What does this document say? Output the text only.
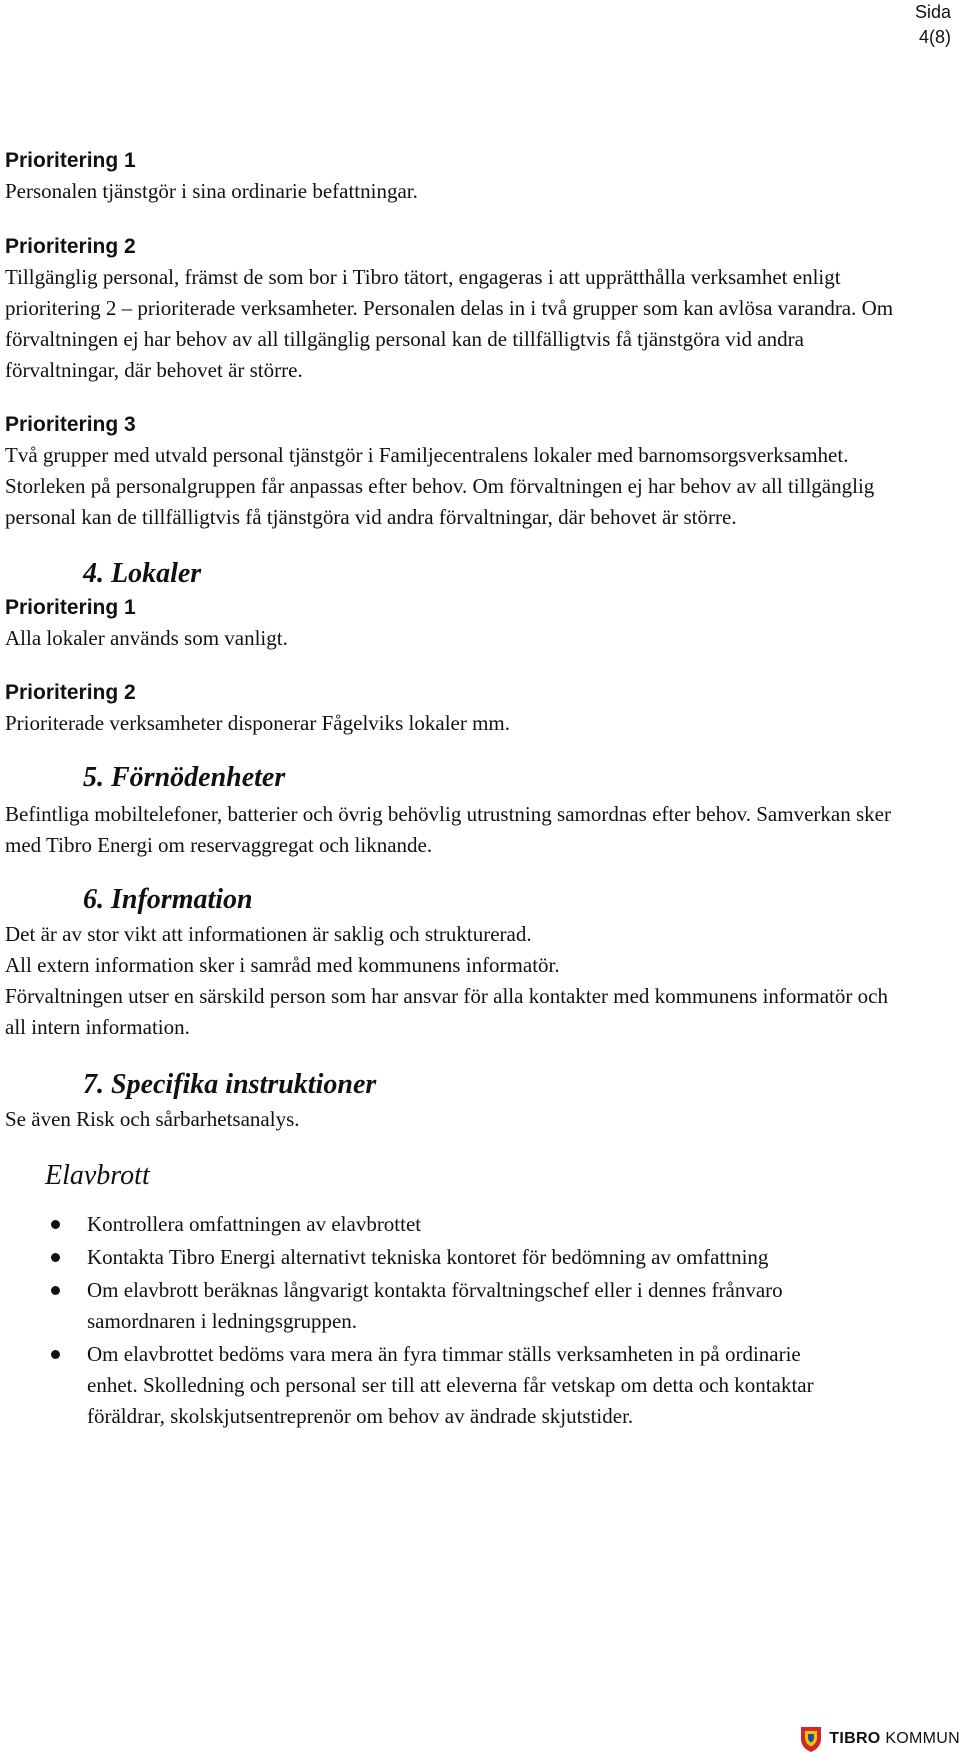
Sida
4(8)
Prioritering 1
Personalen tjänstgör i sina ordinarie befattningar.
Prioritering 2
Tillgänglig personal, främst de som bor i Tibro tätort, engageras i att upprätthålla verksamhet enligt prioritering 2 – prioriterade verksamheter. Personalen delas in i två grupper som kan avlösa varandra. Om förvaltningen ej har behov av all tillgänglig personal kan de tillfälligtvis få tjänstgöra vid andra förvaltningar, där behovet är större.
Prioritering 3
Två grupper med utvald personal tjänstgör i Familjecentralens lokaler med barnomsorgsverksamhet. Storleken på personalgruppen får anpassas efter behov. Om förvaltningen ej har behov av all tillgänglig personal kan de tillfälligtvis få tjänstgöra vid andra förvaltningar, där behovet är större.
4. Lokaler
Prioritering 1
Alla lokaler används som vanligt.
Prioritering 2
Prioriterade verksamheter disponerar Fågelviks lokaler mm.
5. Förnödenheter
Befintliga mobiltelefoner, batterier och övrig behövlig utrustning samordnas efter behov. Samverkan sker med Tibro Energi om reservaggregat och liknande.
6. Information
Det är av stor vikt att informationen är saklig och strukturerad.
All extern information sker i samråd med kommunens informatör.
Förvaltningen utser en särskild person som har ansvar för alla kontakter med kommunens informatör och all intern information.
7. Specifika instruktioner
Se även Risk och sårbarhetsanalys.
Elavbrott
Kontrollera omfattningen av elavbrottet
Kontakta Tibro Energi alternativt tekniska kontoret för bedömning av omfattning
Om elavbrott beräknas långvarigt kontakta förvaltningschef eller i dennes frånvaro samordnaren i ledningsgruppen.
Om elavbrottet bedöms vara mera än fyra timmar ställs verksamheten in på ordinarie enhet. Skolledning och personal ser till att eleverna får vetskap om detta och kontaktar föräldrar, skolskjutsentreprenör om behov av ändrade skjutstider.
TIBRO KOMMUN
